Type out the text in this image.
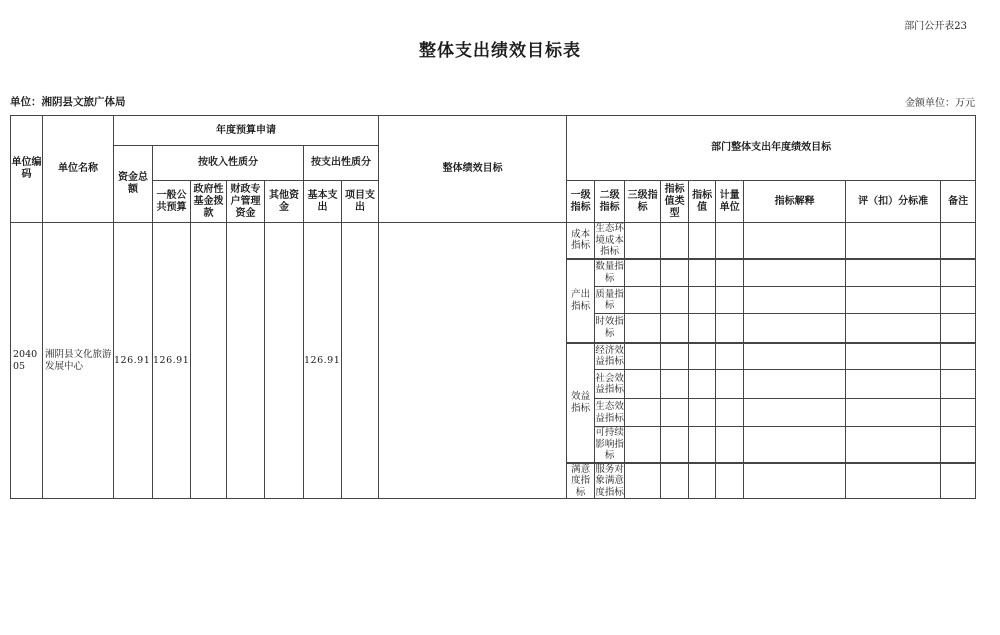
部门公开表23
整体支出绩效目标表
单位：湘阴县文旅广体局	金额单位：万元
单位编码	单位名称	年度预算申请							整体绩效目标	部门整体支出年度绩效目标								
		资金总额	按收入性质分				按支出性质分											
			一般公共预算	政府性基金拨款	财政专户管理资金	其他资金	基本支出	项目支出		一级指标	二级指标	三级指标	指标值类型	指标值	计量单位	指标解释	评（扣）分标准	备注
204005	湘阴县文化旅游发展中心	126.91	126.91				126.91			成本指标	生态环境成本指标							
										产出指标	数量指标							
											质量指标							
											时效指标							
										效益指标	经济效益指标							
											社会效益指标							
											生态效益指标							
											可持续影响指标							
										满意度指标	服务对象满意度指标							
